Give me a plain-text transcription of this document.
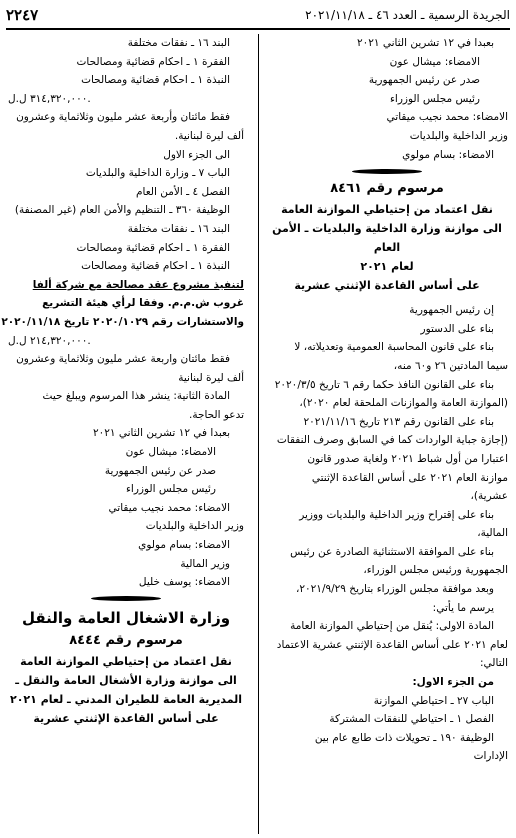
الجريدة الرسمية ـ العدد ٤٦ ـ ٢٠٢١/١١/١٨
٢٢٤٧
بعبدا في ١٢ تشرين الثاني ٢٠٢١
الامضاء: ميشال عون
صدر عن رئيس الجمهورية
رئيس مجلس الوزراء
الامضاء: محمد نجيب ميقاتي
وزير الداخلية والبلديات
الامضاء: بسام مولوي
مرسوم رقم ٨٤٦١
نقل اعتماد من إحتياطي الموازنة العامة
الى موازنة وزارة الداخلية والبلديات ـ الأمن العام
لعام ٢٠٢١
على أساس القاعدة الإثنتي عشرية
إن رئيس الجمهورية
بناء على الدستور
بناء على قانون المحاسبة العمومية وتعديلاته، لا
سيما المادتين ٢٦ و٦٠ منه،
بناء على القانون النافذ حكما رقم ٦ تاريخ ٢٠٢٠/٣/٥
(الموازنة العامة والموازنات الملحقة لعام ٢٠٢٠)،
بناء على القانون رقم ٢١٣ تاريخ ٢٠٢١/١١/١٦
(إجازة جباية الواردات كما في السابق وصرف النفقات
اعتبارا من أول شباط ٢٠٢١ ولغاية صدور قانون
موازنة العام ٢٠٢١ على أساس القاعدة الإثنتي
عشرية)،
بناء على إقتراح وزير الداخلية والبلديات ووزير
المالية،
بناء على الموافقة الاستثنائية الصادرة عن رئيس
الجمهورية ورئيس مجلس الوزراء،
وبعد موافقة مجلس الوزراء بتاريخ ٢٠٢١/٩/٢٩،
يرسم ما يأتي:
المادة الاولى: يُنقل من إحتياطي الموازنة العامة
لعام ٢٠٢١ على أساس القاعدة الإثنتي عشرية الاعتماد
التالي:
من الجزء الاول:
الباب ٢٧ ـ احتياطي الموازنة
الفصل ١ ـ احتياطي للنفقات المشتركة
الوظيفة ١٩٠ ـ تحويلات ذات طابع عام بين
الإدارات
البند ١٦ ـ نفقات مختلفة
الفقرة ١ ـ احكام قضائية ومصالحات
النبذة ١ ـ احكام قضائية ومصالحات
٣١٤,٣٢٠,٠٠٠ ل.ل.
فقط مائتان وأربعة عشر مليون وثلاثماية وعشرون
ألف ليرة لبنانية.
الى الجزء الاول
الباب ٧ ـ وزارة الداخلية والبلديات
الفصل ٤ ـ الأمن العام
الوظيفة ٣٦٠ ـ التنظيم والأمن العام (غير المصنفة)
البند ١٦ ـ نفقات مختلفة
الفقرة ١ ـ احكام قضائية ومصالحات
النبذة ١ ـ احكام قضائية ومصالحات
لتنفيذ مشروع عقد مصالحة مع شركة ألفا
غروب ش.م.م. وفقا لرأي هيئة التشريع
والاستشارات رقم ٢٠٢٠/١٠٢٩ تاريخ ٢٠٢٠/١١/١٨
٢١٤,٣٢٠,٠٠٠ ل.ل.
فقط مائتان واربعة عشر مليون وثلاثماية وعشرون
ألف ليرة لبنانية
المادة الثانية: ينشر هذا المرسوم ويبلغ حيث
تدعو الحاجة.
بعبدا في ١٢ تشرين الثاني ٢٠٢١
الامضاء: ميشال عون
صدر عن رئيس الجمهورية
رئيس مجلس الوزراء
الامضاء: محمد نجيب ميقاتي
وزير الداخلية والبلديات
الامضاء: بسام مولوي
وزير المالية
الامضاء: يوسف خليل
وزارة الاشغال العامة والنقل
مرسوم رقم ٨٤٤٤
نقل اعتماد من إحتياطي الموازنة العامة
الى موازنة وزارة الأشغال العامة والنقل ـ
المديرية العامة للطيران المدني ـ لعام ٢٠٢١
على أساس القاعدة الإثنتي عشرية
